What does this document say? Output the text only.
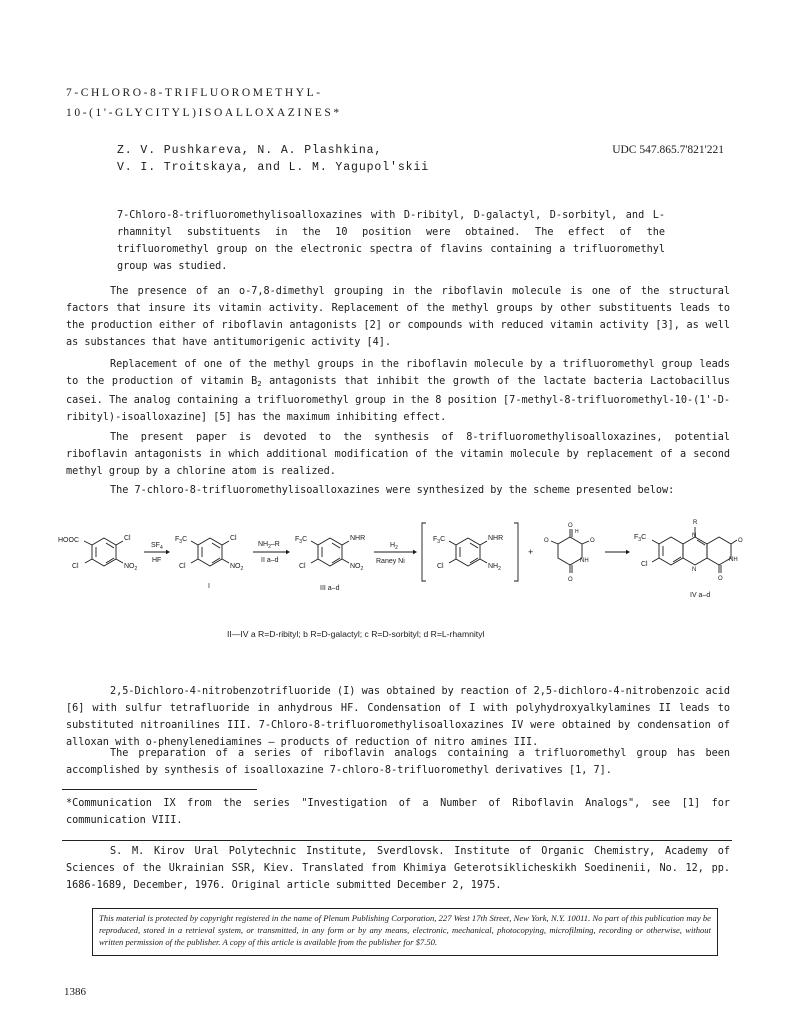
7-CHLORO-8-TRIFLUOROMETHYL-
10-(1'-GLYCITYL)ISOALLOXAZINES*
Z. V. Pushkareva, N. A. Plashkina,
V. I. Troitskaya, and L. M. Yagupol'skii
UDC 547.865.7'821'221
7-Chloro-8-trifluoromethylisoalloxazines with D-ribityl, D-galactyl, D-sorbityl, and L-rhamnityl substituents in the 10 position were obtained. The effect of the trifluoromethyl group on the electronic spectra of flavins containing a trifluoromethyl group was studied.
The presence of an o-7,8-dimethyl grouping in the riboflavin molecule is one of the structural factors that insure its vitamin activity. Replacement of the methyl groups by other substituents leads to the production either of riboflavin antagonists [2] or compounds with reduced vitamin activity [3], as well as substances that have antitumorigenic activity [4].
Replacement of one of the methyl groups in the riboflavin molecule by a trifluoromethyl group leads to the production of vitamin $B_2$ antagonists that inhibit the growth of the lactate bacteria Lactobacillus casei. The analog containing a trifluoromethyl group in the 8 position [7-methyl-8-trifluoromethyl-10-(1'-D-ribityl)-isoalloxazine] [5] has the maximum inhibiting effect.
The present paper is devoted to the synthesis of 8-trifluoromethylisoalloxazines, potential riboflavin antagonists in which additional modification of the vitamin molecule by replacement of a second methyl group by a chlorine atom is realized.
The 7-chloro-8-trifluoromethylisoalloxazines were synthesized by the scheme presented below:
HOOC	Cl
Cl	$NO_2$
$SF_4$
HF
$F_3C$	Cl
Cl	$NO_2$
I
$NH_2-R$
II a–d
$F_3C$	NHR
Cl	$NO_2$
III a–d
$H_2$
Raney Ni
$F_3C$	NHR
Cl	$NH_2$
+
O
O
O	O
H
NH
R
N
N
O
O
NH
$F_3C$
Cl
IV a–d
II—IV a R=D-ribityl; b R=D-galactyl; c R=D-sorbityl; d R=L-rhamnityl
2,5-Dichloro-4-nitrobenzotrifluoride (I) was obtained by reaction of 2,5-dichloro-4-nitrobenzoic acid [6] with sulfur tetrafluoride in anhydrous HF. Condensation of I with polyhydroxyalkylamines II leads to substituted nitroanilines III. 7-Chloro-8-trifluoromethylisoalloxazines IV were obtained by condensation of alloxan with o-phenylenediamines – products of reduction of nitro amines III.
The preparation of a series of riboflavin analogs containing a trifluoromethyl group has been accomplished by synthesis of isoalloxazine 7-chloro-8-trifluoromethyl derivatives [1, 7].
*Communication IX from the series "Investigation of a Number of Riboflavin Analogs", see [1] for communication VIII.
S. M. Kirov Ural Polytechnic Institute, Sverdlovsk. Institute of Organic Chemistry, Academy of Sciences of the Ukrainian SSR, Kiev. Translated from Khimiya Geterotsiklicheskikh Soedinenii, No. 12, pp. 1686-1689, December, 1976. Original article submitted December 2, 1975.
This material is protected by copyright registered in the name of Plenum Publishing Corporation, 227 West 17th Street, New York, N.Y. 10011. No part of this publication may be reproduced, stored in a retrieval system, or transmitted, in any form or by any means, electronic, mechanical, photocopying, microfilming, recording or otherwise, without written permission of the publisher. A copy of this article is available from the publisher for $7.50.
1386
